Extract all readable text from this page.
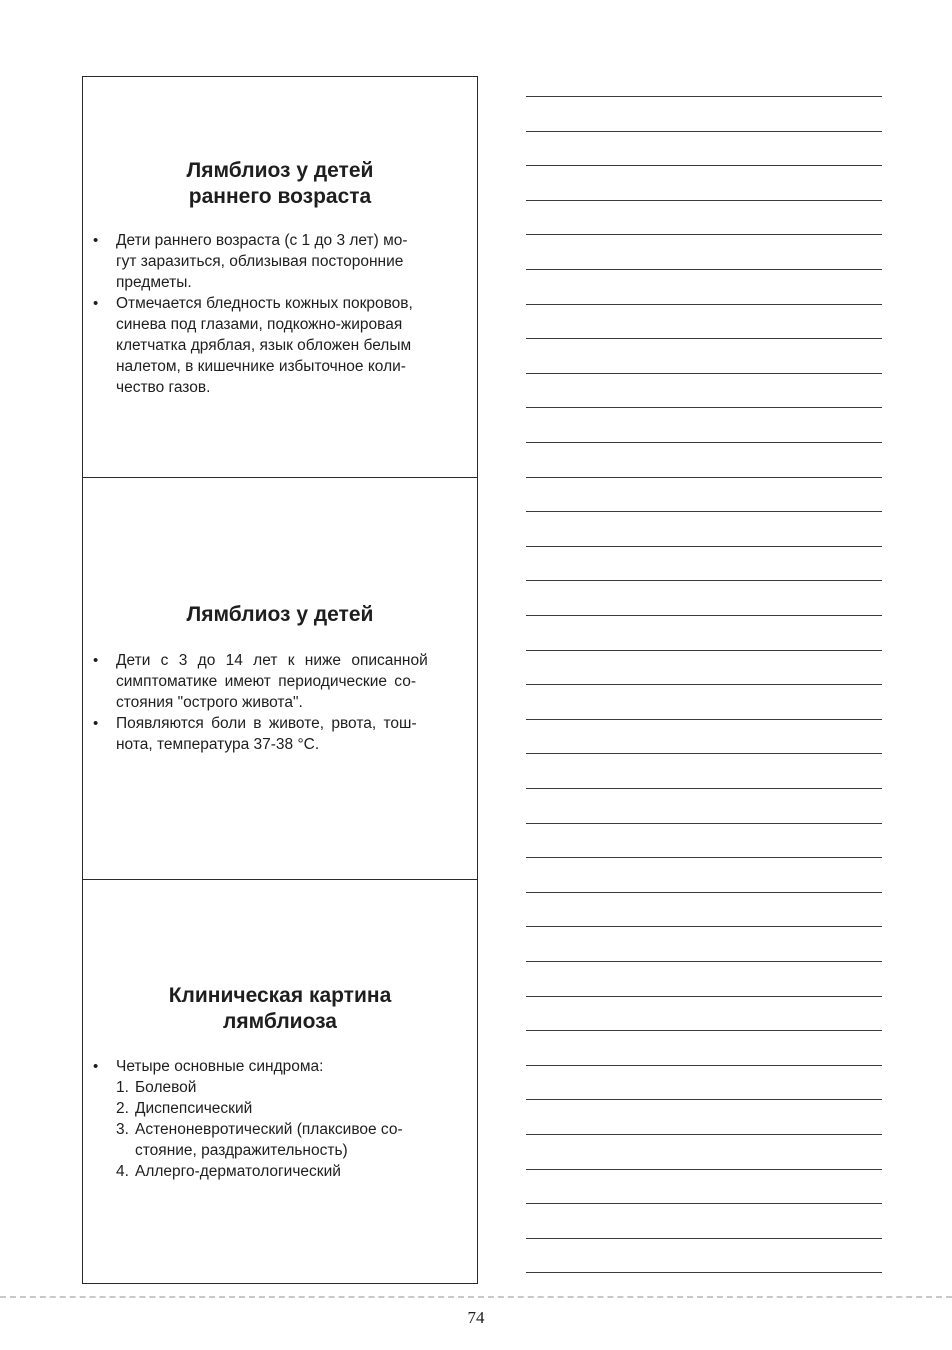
Лямблиоз у детей
раннего возраста
• Дети раннего возраста (с 1 до 3 лет) мо-
гут заразиться, облизывая посторонние
предметы.
• Отмечается бледность кожных покровов,
синева под глазами, подкожно-жировая
клетчатка дряблая, язык обложен белым
налетом, в кишечнике избыточное коли-
чество газов.
Лямблиоз у детей
• Дети с 3 до 14 лет к ниже описанной
симптоматике имеют периодические со-
стояния "острого живота".
• Появляются боли в животе, рвота, тош-
нота, температура 37-38 °С.
Клиническая картина
лямблиоза
• Четыре основные синдрома:
1. Болевой
2. Диспепсический
3. Астеноневротический (плаксивое со-
стояние, раздражительность)
4. Аллерго-дерматологический
74
